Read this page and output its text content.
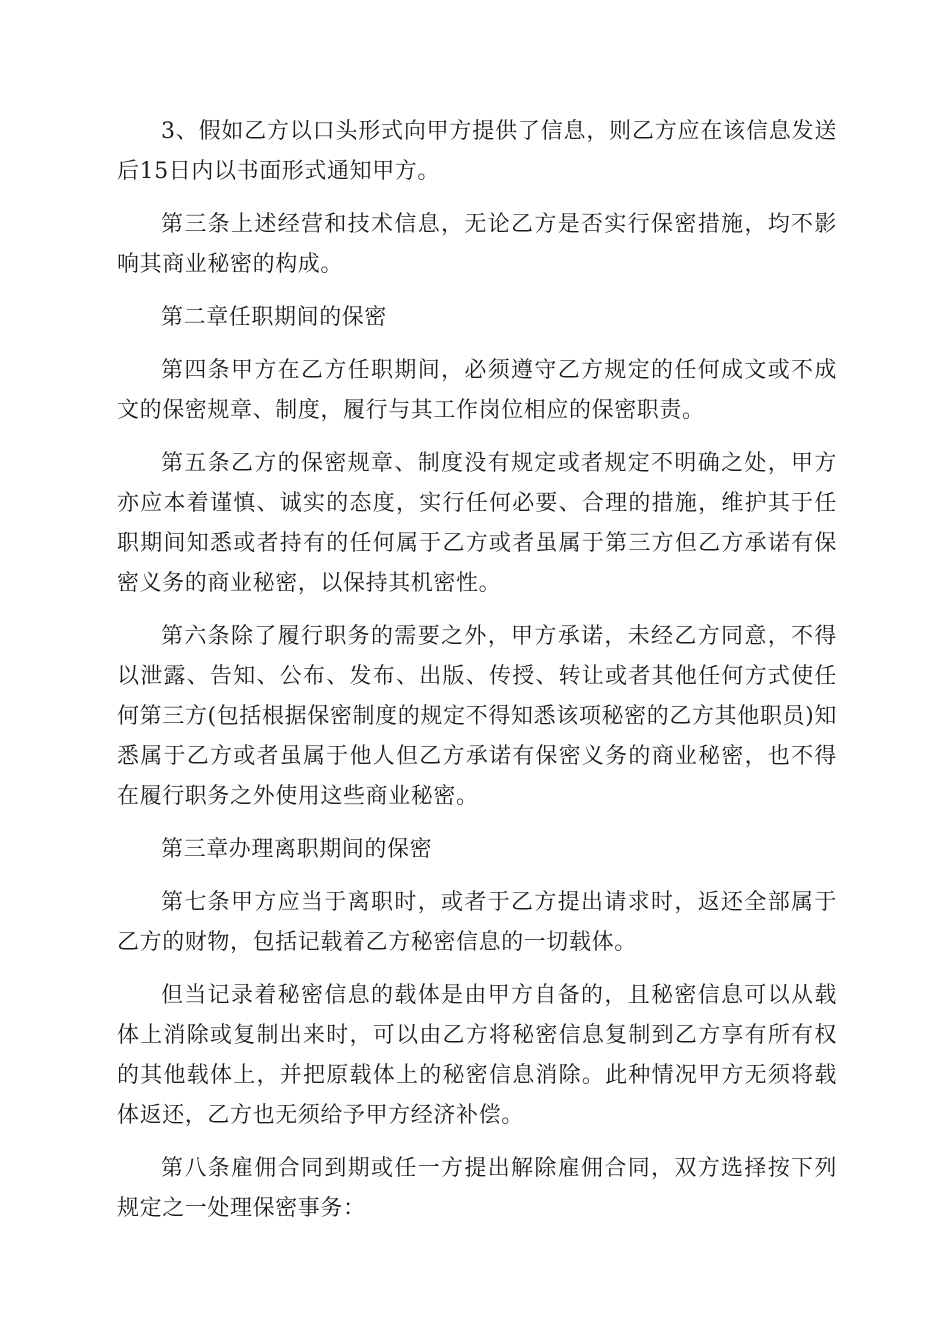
3、假如乙方以口头形式向甲方提供了信息，则乙方应在该信息发送后15日内以书面形式通知甲方。

第三条上述经营和技术信息，无论乙方是否实行保密措施，均不影响其商业秘密的构成。

第二章任职期间的保密

第四条甲方在乙方任职期间，必须遵守乙方规定的任何成文或不成文的保密规章、制度，履行与其工作岗位相应的保密职责。

第五条乙方的保密规章、制度没有规定或者规定不明确之处，甲方亦应本着谨慎、诚实的态度，实行任何必要、合理的措施，维护其于任职期间知悉或者持有的任何属于乙方或者虽属于第三方但乙方承诺有保密义务的商业秘密，以保持其机密性。

第六条除了履行职务的需要之外，甲方承诺，未经乙方同意，不得以泄露、告知、公布、发布、出版、传授、转让或者其他任何方式使任何第三方(包括根据保密制度的规定不得知悉该项秘密的乙方其他职员)知悉属于乙方或者虽属于他人但乙方承诺有保密义务的商业秘密，也不得在履行职务之外使用这些商业秘密。

第三章办理离职期间的保密

第七条甲方应当于离职时，或者于乙方提出请求时，返还全部属于乙方的财物，包括记载着乙方秘密信息的一切载体。

但当记录着秘密信息的载体是由甲方自备的，且秘密信息可以从载体上消除或复制出来时，可以由乙方将秘密信息复制到乙方享有所有权的其他载体上，并把原载体上的秘密信息消除。此种情况甲方无须将载体返还，乙方也无须给予甲方经济补偿。

第八条雇佣合同到期或任一方提出解除雇佣合同，双方选择按下列规定之一处理保密事务：
